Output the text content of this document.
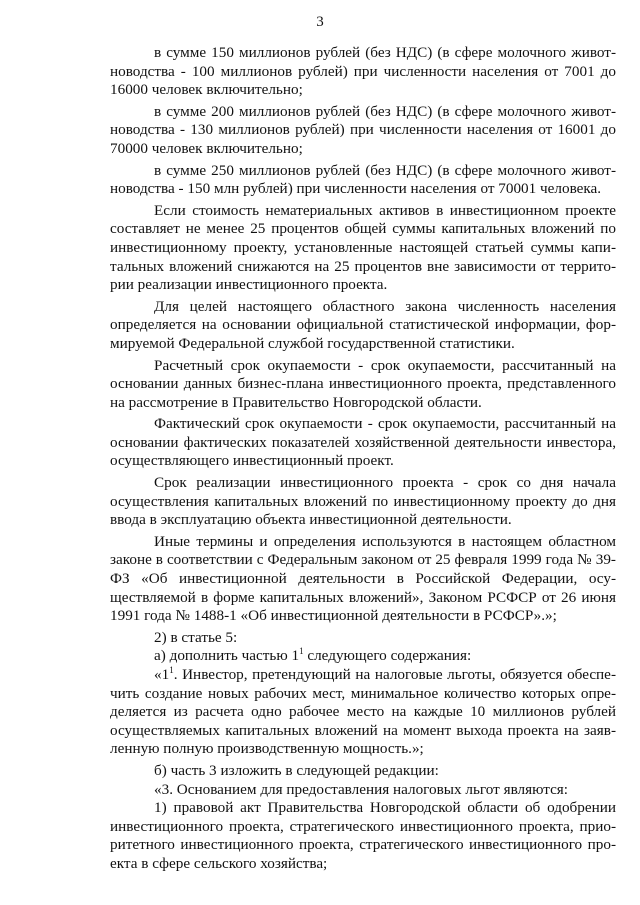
3

в сумме 150 миллионов рублей (без НДС) (в сфере молочного животноводства - 100 миллионов рублей) при численности населения от 7001 до 16000 человек включительно;

в сумме 200 миллионов рублей (без НДС) (в сфере молочного животноводства - 130 миллионов рублей) при численности населения от 16001 до 70000 человек включительно;

в сумме 250 миллионов рублей (без НДС) (в сфере молочного животноводства - 150 млн рублей) при численности населения от 70001 человека.

Если стоимость нематериальных активов в инвестиционном проекте составляет не менее 25 процентов общей суммы капитальных вложений по инвестиционному проекту, установленные настоящей статьей суммы капитальных вложений снижаются на 25 процентов вне зависимости от территории реализации инвестиционного проекта.

Для целей настоящего областного закона численность населения определяется на основании официальной статистической информации, формируемой Федеральной службой государственной статистики.

Расчетный срок окупаемости - срок окупаемости, рассчитанный на основании данных бизнес-плана инвестиционного проекта, представленного на рассмотрение в Правительство Новгородской области.

Фактический срок окупаемости - срок окупаемости, рассчитанный на основании фактических показателей хозяйственной деятельности инвестора, осуществляющего инвестиционный проект.

Срок реализации инвестиционного проекта - срок со дня начала осуществления капитальных вложений по инвестиционному проекту до дня ввода в эксплуатацию объекта инвестиционной деятельности.

Иные термины и определения используются в настоящем областном законе в соответствии с Федеральным законом от 25 февраля 1999 года № 39-ФЗ «Об инвестиционной деятельности в Российской Федерации, осуществляемой в форме капитальных вложений», Законом РСФСР от 26 июня 1991 года № 1488-1 «Об инвестиционной деятельности в РСФСР».»;

2) в статье 5:

а) дополнить частью $1^1$ следующего содержания:

«$1^1$. Инвестор, претендующий на налоговые льготы, обязуется обеспечить создание новых рабочих мест, минимальное количество которых определяется из расчета одно рабочее место на каждые 10 миллионов рублей осуществляемых капитальных вложений на момент выхода проекта на заявленную полную производственную мощность.»;

б) часть 3 изложить в следующей редакции:

«3. Основанием для предоставления налоговых льгот являются:

1) правовой акт Правительства Новгородской области об одобрении инвестиционного проекта, стратегического инвестиционного проекта, приоритетного инвестиционного проекта, стратегического инвестиционного проекта в сфере сельского хозяйства;
